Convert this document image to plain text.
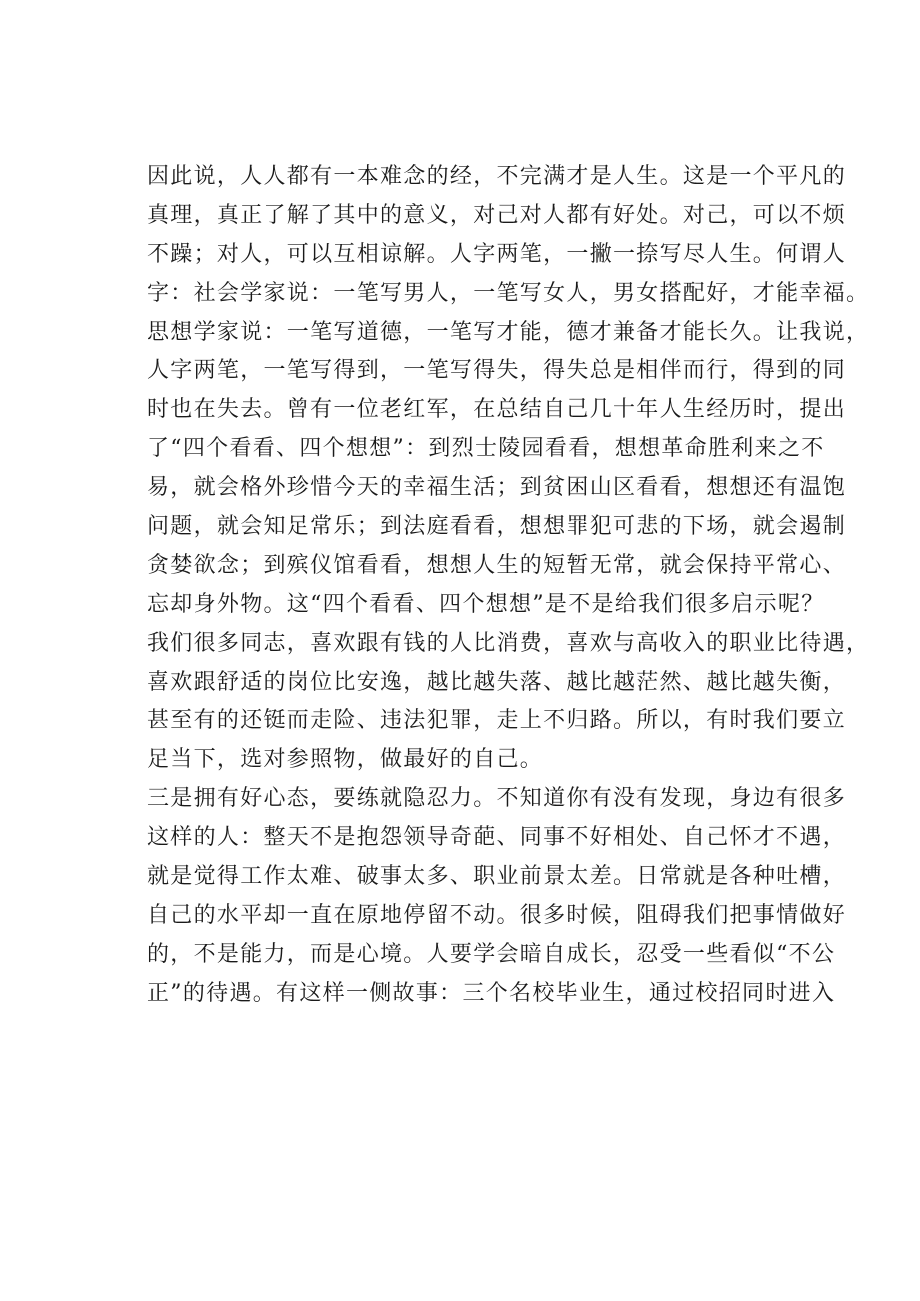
因此说，人人都有一本难念的经，不完满才是人生。这是一个平凡的
真理，真正了解了其中的意义，对己对人都有好处。对己，可以不烦
不躁；对人，可以互相谅解。人字两笔，一撇一捺写尽人生。何谓人
字：社会学家说：一笔写男人，一笔写女人，男女搭配好，才能幸福。
思想学家说：一笔写道德，一笔写才能，德才兼备才能长久。让我说，
人字两笔，一笔写得到，一笔写得失，得失总是相伴而行，得到的同
时也在失去。曾有一位老红军，在总结自己几十年人生经历时，提出
了“四个看看、四个想想”：到烈士陵园看看，想想革命胜利来之不
易，就会格外珍惜今天的幸福生活；到贫困山区看看，想想还有温饱
问题，就会知足常乐；到法庭看看，想想罪犯可悲的下场，就会遏制
贪婪欲念；到殡仪馆看看，想想人生的短暂无常，就会保持平常心、
忘却身外物。这“四个看看、四个想想”是不是给我们很多启示呢？
我们很多同志，喜欢跟有钱的人比消费，喜欢与高收入的职业比待遇，
喜欢跟舒适的岗位比安逸，越比越失落、越比越茫然、越比越失衡，
甚至有的还铤而走险、违法犯罪，走上不归路。所以，有时我们要立
足当下，选对参照物，做最好的自己。
三是拥有好心态，要练就隐忍力。不知道你有没有发现，身边有很多
这样的人：整天不是抱怨领导奇葩、同事不好相处、自己怀才不遇，
就是觉得工作太难、破事太多、职业前景太差。日常就是各种吐槽，
自己的水平却一直在原地停留不动。很多时候，阻碍我们把事情做好
的，不是能力，而是心境。人要学会暗自成长，忍受一些看似“不公
正”的待遇。有这样一侧故事：三个名校毕业生，通过校招同时进入
